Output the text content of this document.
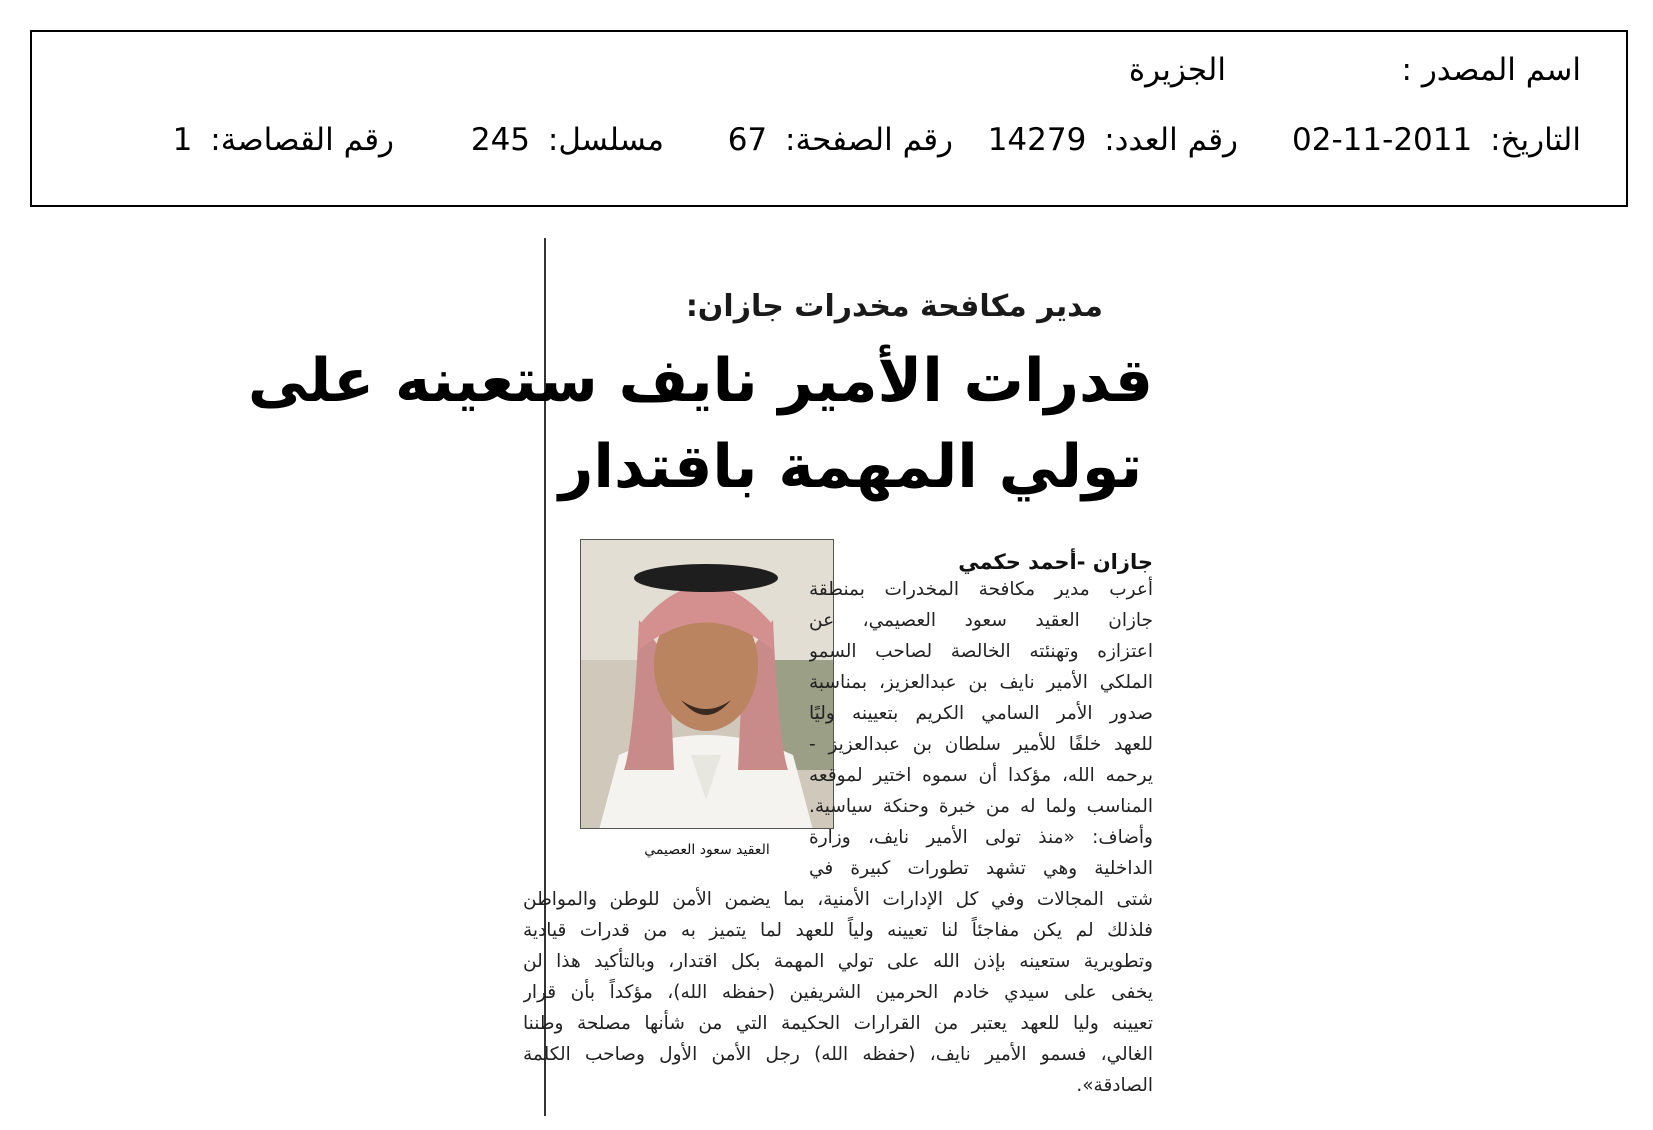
اسم المصدر :
الجزيرة
التاريخ: 2011-11-02
رقم العدد: 14279
رقم الصفحة: 67
مسلسل: 245
رقم القصاصة: 1
مدير مكافحة مخدرات جازان:
قدرات الأمير نايف ستعينه على
تولي المهمة باقتدار
جازان -أحمد حكمي
العقيد سعود العصيمي
أعرب مدير مكافحة المخدرات بمنطقة
جازان العقيد سعود العصيمي، عن
اعتزازه وتهنئته الخالصة لصاحب السمو
الملكي الأمير نايف بن عبدالعزيز، بمناسبة
صدور الأمر السامي الكريم بتعيينه وليًا
للعهد خلفًا للأمير سلطان بن عبدالعزيز -
يرحمه الله، مؤكدا أن سموه اختير لموقعه
المناسب ولما له من خبرة وحنكة سياسية.
وأضاف: «منذ تولى الأمير نايف، وزارة
الداخلية وهي تشهد تطورات كبيرة في
شتى المجالات وفي كل الإدارات الأمنية، بما يضمن الأمن للوطن والمواطن
فلذلك لم يكن مفاجئاً لنا تعيينه ولياً للعهد لما يتميز به من قدرات قيادية
وتطويرية ستعينه بإذن الله على تولي المهمة بكل اقتدار، وبالتأكيد هذا لن
يخفى على سيدي خادم الحرمين الشريفين (حفظه الله)، مؤكداً بأن قرار
تعيينه وليا للعهد يعتبر من القرارات الحكيمة التي من شأنها مصلحة وطننا
الغالي، فسمو الأمير نايف، (حفظه الله) رجل الأمن الأول وصاحب الكلمة
الصادقة».
